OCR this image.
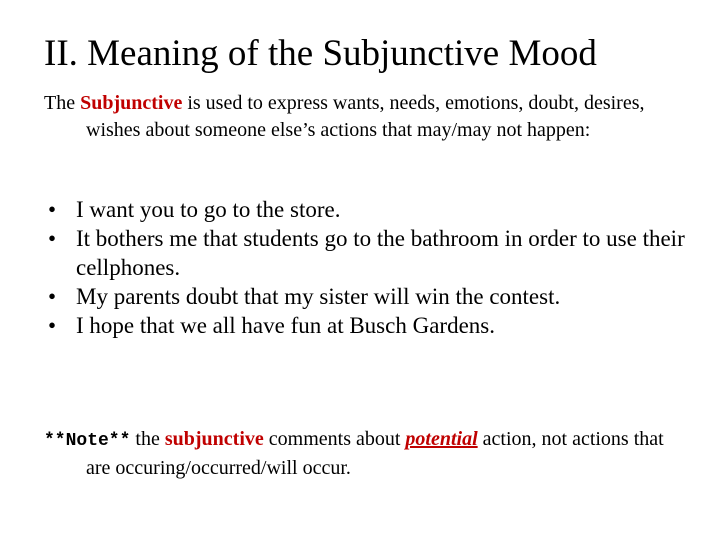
II. Meaning of the Subjunctive Mood
The Subjunctive is used to express wants, needs, emotions, doubt, desires, wishes about someone else’s actions that may/may not happen:
• I want you to go to the store.
• It bothers me that students go to the bathroom in order to use their cellphones.
• My parents doubt that my sister will win the contest.
• I hope that we all have fun at Busch Gardens.
**Note** the subjunctive comments about potential action, not actions that are occuring/occurred/will occur.
